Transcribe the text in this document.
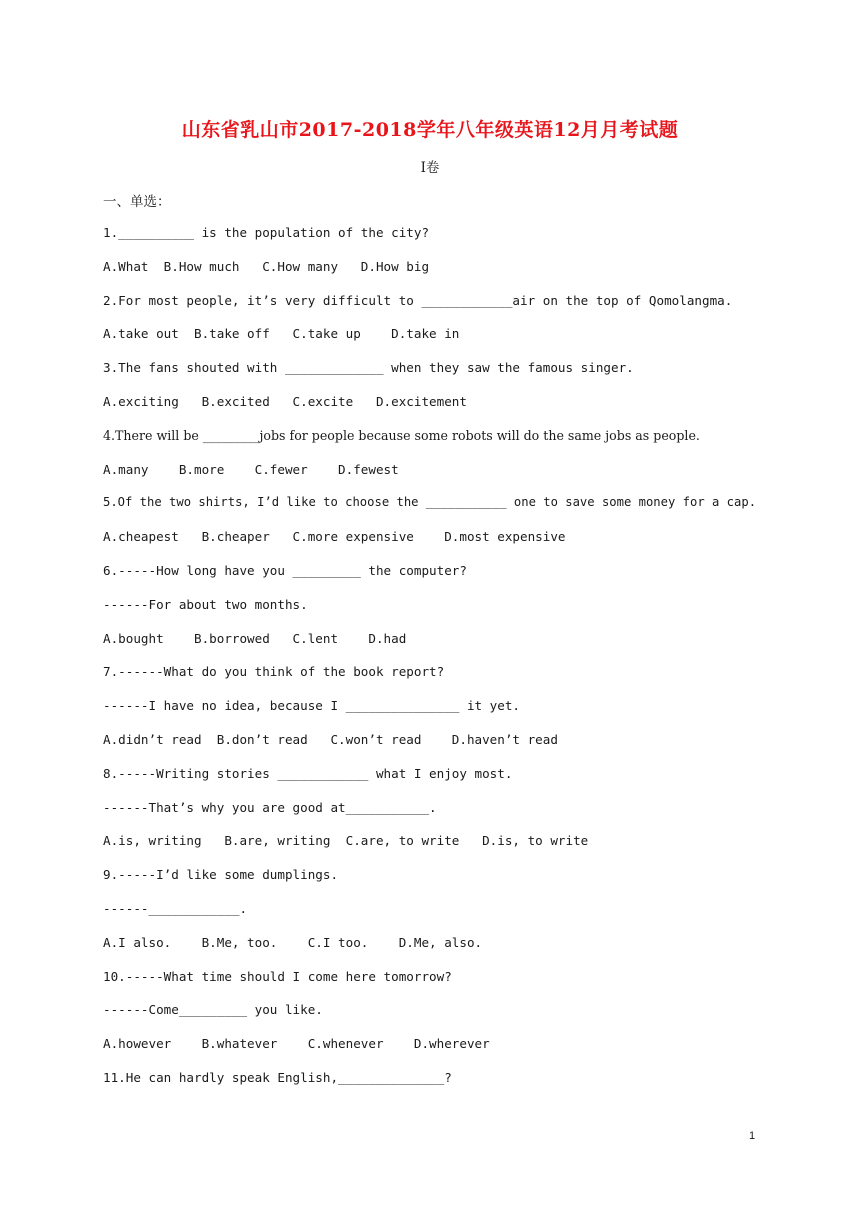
山东省乳山市2017-2018学年八年级英语12月月考试题
I卷
一、单选：
1.__________ is the population of the city?
A.What  B.How much   C.How many   D.How big
2.For most people, it’s very difficult to ____________air on the top of Qomolangma.
A.take out  B.take off   C.take up    D.take in
3.The fans shouted with _____________ when they saw the famous singer.
A.exciting   B.excited   C.excite   D.excitement
4.There will be _________jobs for people because some robots will do the same jobs as people.
A.many    B.more    C.fewer    D.fewest
5.Of the two shirts, I’d like to choose the ___________ one to save some money for a cap.
A.cheapest   B.cheaper   C.more expensive    D.most expensive
6.-----How long have you _________ the computer?
------For about two months.
A.bought    B.borrowed   C.lent    D.had
7.------What do you think of the book report?
------I have no idea, because I _______________ it yet.
A.didn’t read  B.don’t read   C.won’t read    D.haven’t read
8.-----Writing stories ____________ what I enjoy most.
------That’s why you are good at___________.
A.is, writing   B.are, writing  C.are, to write   D.is, to write
9.-----I’d like some dumplings.
------____________.
A.I also.    B.Me, too.    C.I too.    D.Me, also.
10.-----What time should I come here tomorrow?
------Come_________ you like.
A.however    B.whatever    C.whenever    D.wherever
11.He can hardly speak English,______________?
1
